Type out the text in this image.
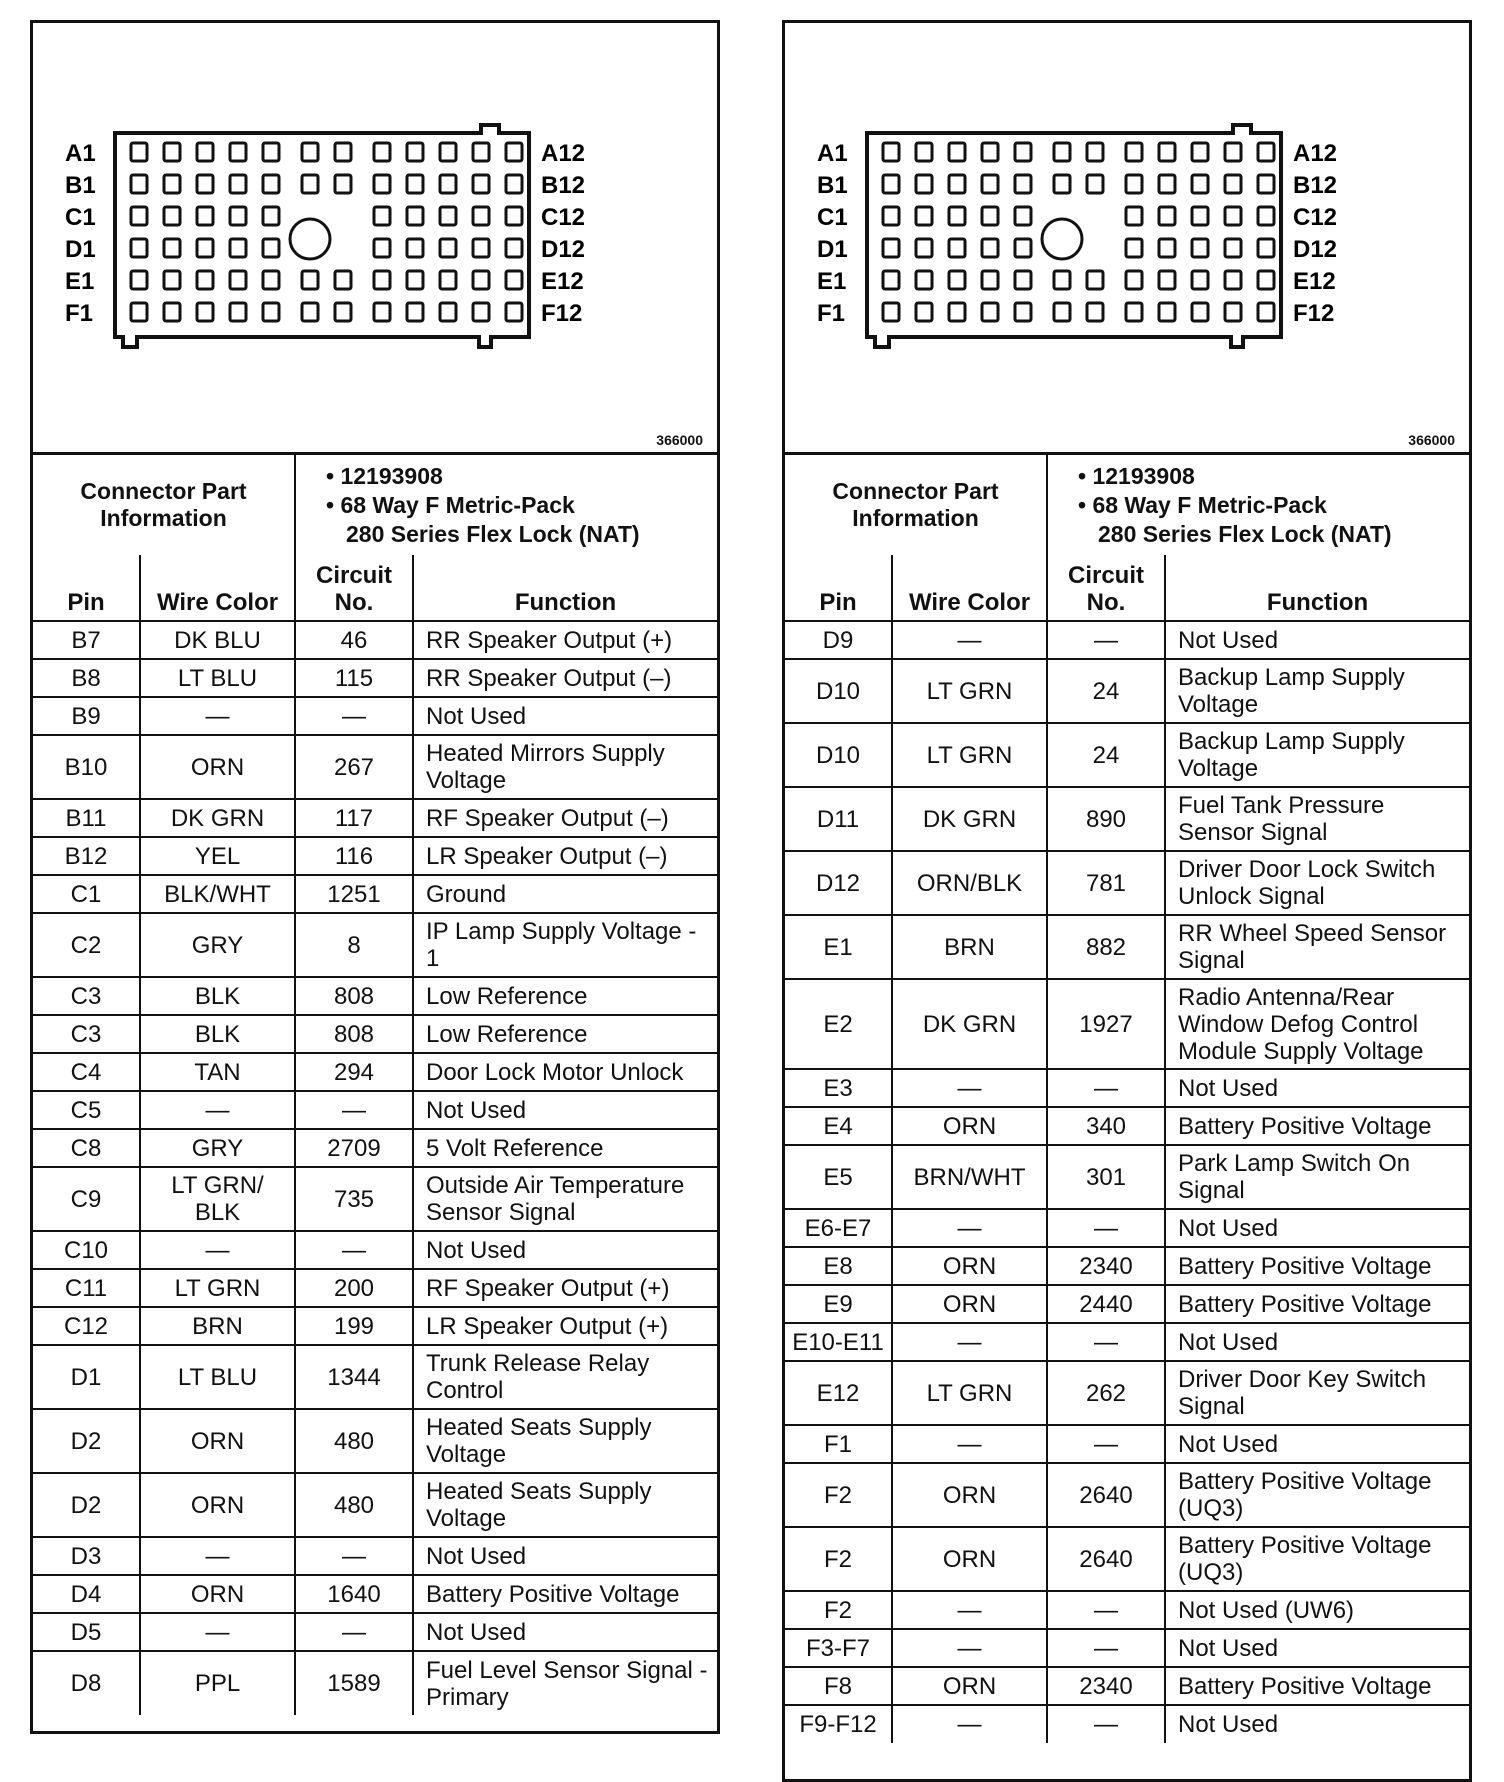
A1	A12
B1	B12
C1	C12
D1	D12
E1	E12
F1	F12
366000
Connector Part Information	
• 12193908
• 68 Way F Metric-Pack
280 Series Flex Lock (NAT)
Pin	Wire Color	Circuit No.	Function
B7	DK BLU	46	RR Speaker Output (+)
B8	LT BLU	115	RR Speaker Output (–)
B9	—	—	Not Used
B10	ORN	267	Heated Mirrors Supply Voltage
B11	DK GRN	117	RF Speaker Output (–)
B12	YEL	116	LR Speaker Output (–)
C1	BLK/WHT	1251	Ground
C2	GRY	8	IP Lamp Supply Voltage - 1
C3	BLK	808	Low Reference
C3	BLK	808	Low Reference
C4	TAN	294	Door Lock Motor Unlock
C5	—	—	Not Used
C8	GRY	2709	5 Volt Reference
C9	LT GRN/ BLK	735	Outside Air Temperature Sensor Signal
C10	—	—	Not Used
C11	LT GRN	200	RF Speaker Output (+)
C12	BRN	199	LR Speaker Output (+)
D1	LT BLU	1344	Trunk Release Relay Control
D2	ORN	480	Heated Seats Supply Voltage
D2	ORN	480	Heated Seats Supply Voltage
D3	—	—	Not Used
D4	ORN	1640	Battery Positive Voltage
D5	—	—	Not Used
D8	PPL	1589	Fuel Level Sensor Signal - Primary
A1	A12
B1	B12
C1	C12
D1	D12
E1	E12
F1	F12
366000
Connector Part Information	
• 12193908
• 68 Way F Metric-Pack
280 Series Flex Lock (NAT)
Pin	Wire Color	Circuit No.	Function
D9	—	—	Not Used
D10	LT GRN	24	Backup Lamp Supply Voltage
D10	LT GRN	24	Backup Lamp Supply Voltage
D11	DK GRN	890	Fuel Tank Pressure Sensor Signal
D12	ORN/BLK	781	Driver Door Lock Switch Unlock Signal
E1	BRN	882	RR Wheel Speed Sensor Signal
E2	DK GRN	1927	Radio Antenna/Rear Window Defog Control Module Supply Voltage
E3	—	—	Not Used
E4	ORN	340	Battery Positive Voltage
E5	BRN/WHT	301	Park Lamp Switch On Signal
E6-E7	—	—	Not Used
E8	ORN	2340	Battery Positive Voltage
E9	ORN	2440	Battery Positive Voltage
E10-E11	—	—	Not Used
E12	LT GRN	262	Driver Door Key Switch Signal
F1	—	—	Not Used
F2	ORN	2640	Battery Positive Voltage (UQ3)
F2	ORN	2640	Battery Positive Voltage (UQ3)
F2	—	—	Not Used (UW6)
F3-F7	—	—	Not Used
F8	ORN	2340	Battery Positive Voltage
F9-F12	—	—	Not Used
